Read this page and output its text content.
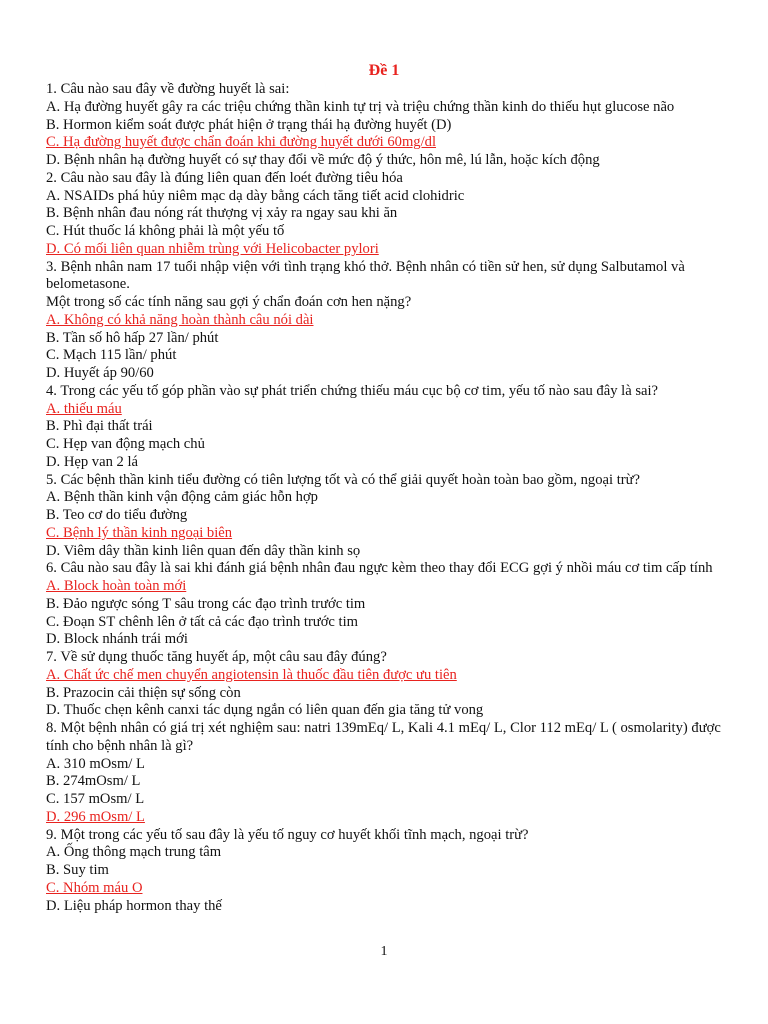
Đề 1
1. Câu nào sau đây về đường huyết là sai:
A. Hạ đường huyết gây ra các triệu chứng thần kinh tự trị và triệu chứng thần kinh do thiếu hụt glucose não
B. Hormon kiểm soát được phát hiện ở trạng thái hạ đường huyết (D)
C. Hạ đường huyết được chẩn đoán khi đường huyết dưới 60mg/dl
D. Bệnh nhân hạ đường huyết có sự thay đổi về mức độ ý thức, hôn mê, lú lẫn, hoặc kích động
2. Câu nào sau đây là đúng liên quan đến loét đường tiêu hóa
A. NSAIDs phá hủy niêm mạc dạ dày bằng cách tăng tiết acid clohidric
B. Bệnh nhân đau nóng rát thượng vị xảy ra ngay sau khi ăn
C. Hút thuốc lá không phải là một yếu tố
D. Có mối liên quan nhiễm trùng với Helicobacter pylori
3. Bệnh nhân nam 17 tuổi nhập viện với tình trạng khó thở. Bệnh nhân có tiền sử hen, sử dụng Salbutamol và belometasone.
Một trong số các tính năng sau gợi ý chẩn đoán cơn hen nặng?
A. Không có khả năng hoàn thành câu nói dài
B. Tần số hô hấp 27 lần/ phút
C. Mạch 115 lần/ phút
D. Huyết áp 90/60
4. Trong các yếu tố góp phần vào sự phát triển chứng thiếu máu cục bộ cơ tim, yếu tố nào sau đây là sai?
A. thiếu máu
B. Phì đại thất trái
C. Hẹp van động mạch chủ
D. Hẹp van 2 lá
5. Các bệnh thần kinh tiểu đường có tiên lượng tốt và có thể giải quyết hoàn toàn bao gồm, ngoại trừ?
A. Bệnh thần kinh vận động cảm giác hỗn hợp
B. Teo cơ do tiểu đường
C. Bệnh lý thần kinh ngoại biên
D. Viêm dây thần kinh liên quan đến dây thần kinh sọ
6. Câu nào sau đây là sai khi đánh giá bệnh nhân đau ngực kèm theo thay đổi ECG gợi ý nhồi máu cơ tim cấp tính
A. Block hoàn toàn mới
B. Đảo ngược sóng T sâu trong các đạo trình trước tim
C. Đoạn ST chênh lên ở tất cả các đạo trình trước tim
D. Block nhánh trái mới
7. Về sử dụng thuốc tăng huyết áp, một câu sau đây đúng?
A. Chất ức chế men chuyển angiotensin là thuốc đầu tiên được ưu tiên
B. Prazocin cải thiện sự sống còn
D. Thuốc chẹn kênh canxi tác dụng ngắn có liên quan đến gia tăng tử vong
8. Một bệnh nhân có giá trị xét nghiệm sau: natri 139mEq/ L, Kali 4.1 mEq/ L, Clor 112 mEq/ L ( osmolarity) được tính cho bệnh nhân là gì?
A. 310 mOsm/ L
B. 274mOsm/ L
C. 157 mOsm/ L
D. 296 mOsm/ L
9. Một trong các yếu tố sau đây là yếu tố nguy cơ huyết khối tĩnh mạch, ngoại trừ?
A. Ống thông mạch trung tâm
B. Suy tim
C. Nhóm máu O
D. Liệu pháp hormon thay thế
1
